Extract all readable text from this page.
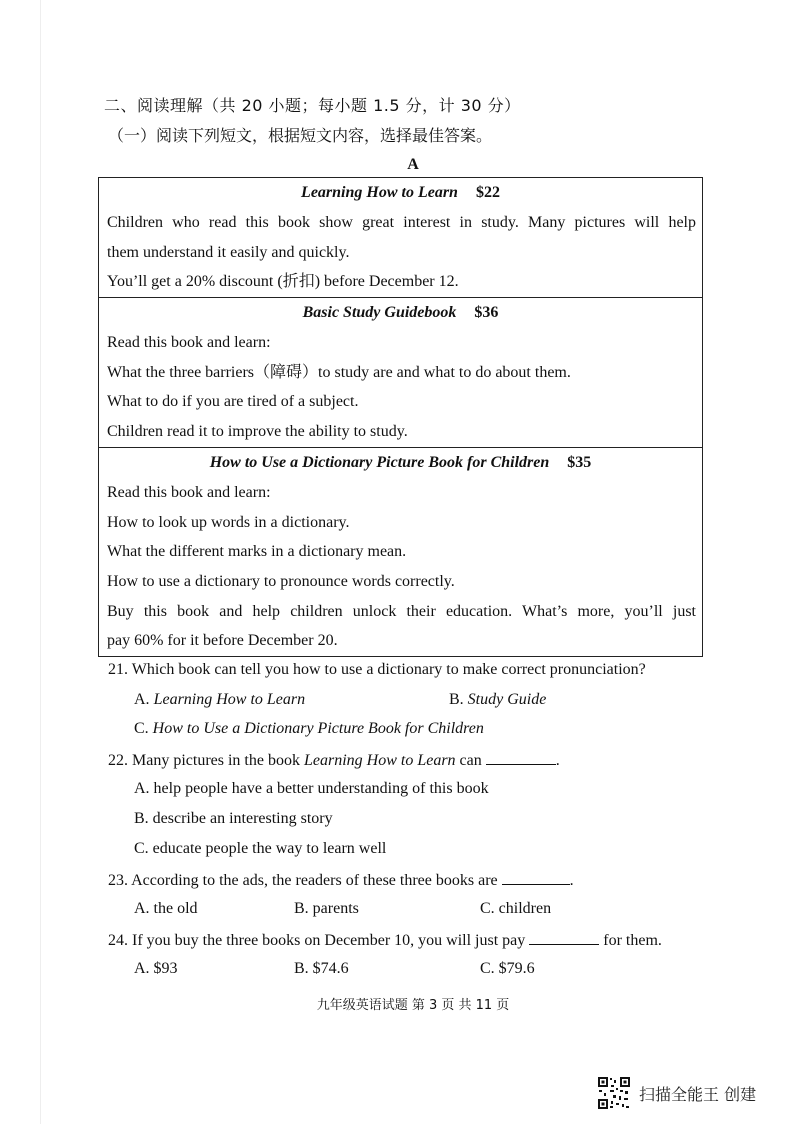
二、阅读理解（共 20 小题；每小题 1.5 分，计 30 分）
（一）阅读下列短文，根据短文内容，选择最佳答案。
A
Learning How to Learn $22
Children who read this book show great interest in study. Many pictures will help
them understand it easily and quickly.
You’ll get a 20% discount (折扣) before December 12.
Basic Study Guidebook $36
Read this book and learn:
What the three barriers（障碍）to study are and what to do about them.
What to do if you are tired of a subject.
Children read it to improve the ability to study.
How to Use a Dictionary Picture Book for Children $35
Read this book and learn:
How to look up words in a dictionary.
What the different marks in a dictionary mean.
How to use a dictionary to pronounce words correctly.
Buy this book and help children unlock their education. What’s more, you’ll just
pay 60% for it before December 20.
21. Which book can tell you how to use a dictionary to make correct pronunciation?
A. Learning How to Learn	B. Study Guide
C. How to Use a Dictionary Picture Book for Children
22. Many pictures in the book Learning How to Learn can	.
A. help people have a better understanding of this book
B. describe an interesting story
C. educate people the way to learn well
23. According to the ads, the readers of these three books are	.
A. the old	B. parents	C. children
24. If you buy the three books on December 10, you will just pay	for them.
A. $93	B. $74.6	C. $79.6
九年级英语试题 第 3 页 共 11 页
扫描全能王 创建
